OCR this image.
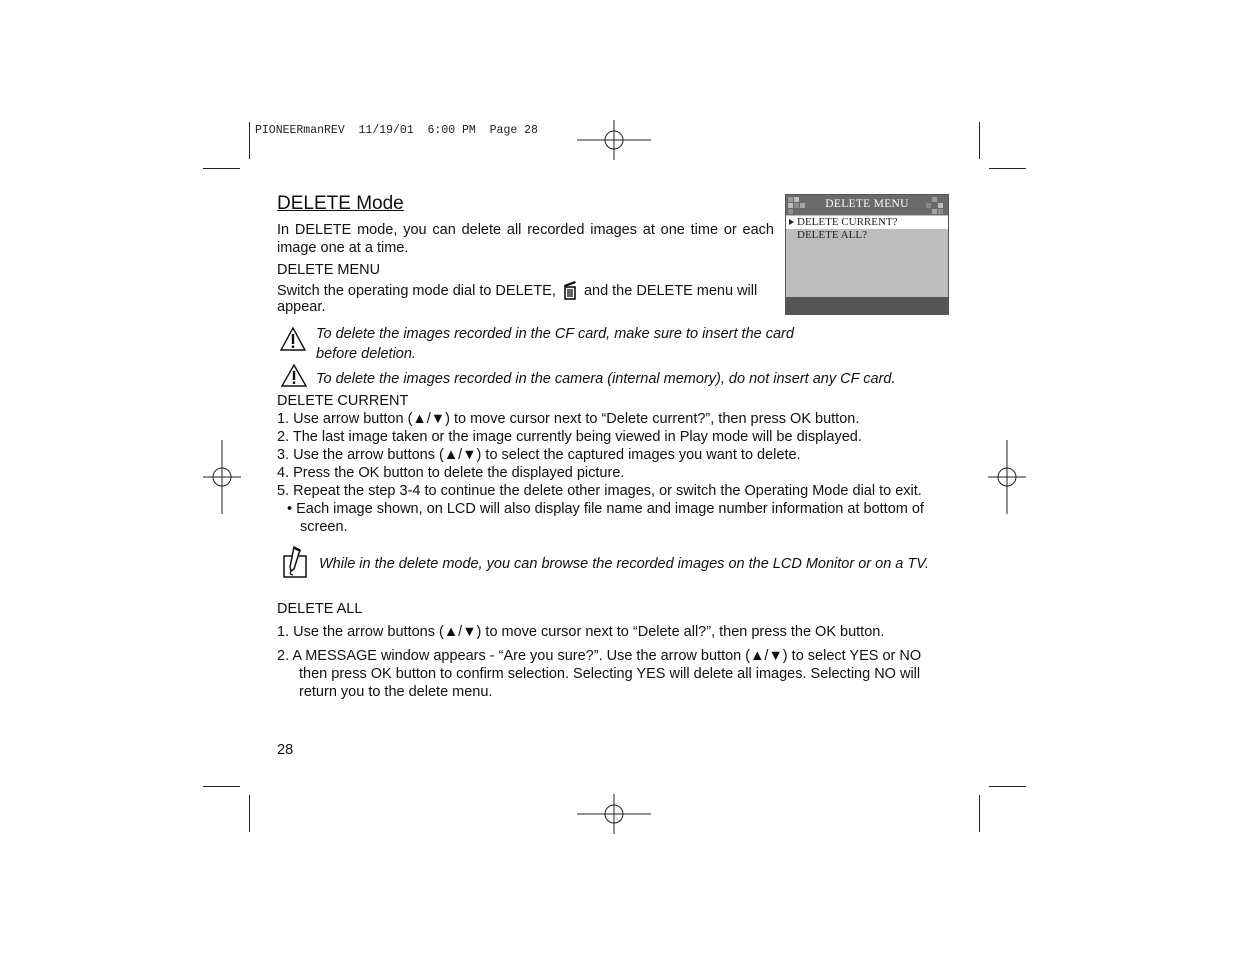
PIONEERmanREV  11/19/01  6:00 PM  Page 28
DELETE Mode
In DELETE mode, you can delete all recorded images at one time or each
image one at a time.
DELETE MENU
Switch the operating mode dial to DELETE, and the DELETE menu will
appear.
DELETE MENU
DELETE CURRENT?
DELETE ALL?
To delete the images recorded in the CF card, make sure to insert the card
before deletion.
To delete the images recorded in the camera (internal memory), do not insert any CF card.
DELETE CURRENT
1. Use arrow button (▲/▼) to move cursor next to “Delete current?”, then press OK button.
2. The last image taken or the image currently being viewed in Play mode will be displayed.
3. Use the arrow buttons (▲/▼) to select the captured images you want to delete.
4. Press the OK button to delete the displayed picture.
5. Repeat the step 3-4 to continue the delete other images, or switch the Operating Mode dial to exit.
• Each image shown, on LCD will also display file name and image number information at bottom of
screen.
While in the delete mode, you can browse the recorded images on the LCD Monitor or on a TV.
DELETE ALL
1. Use the arrow buttons (▲/▼) to move cursor next to “Delete all?”, then press the OK button.
2. A MESSAGE window appears - “Are you sure?”. Use the arrow button (▲/▼) to select YES or NO
then press OK button to confirm selection. Selecting YES will delete all images. Selecting NO will
return you to the delete menu.
28
